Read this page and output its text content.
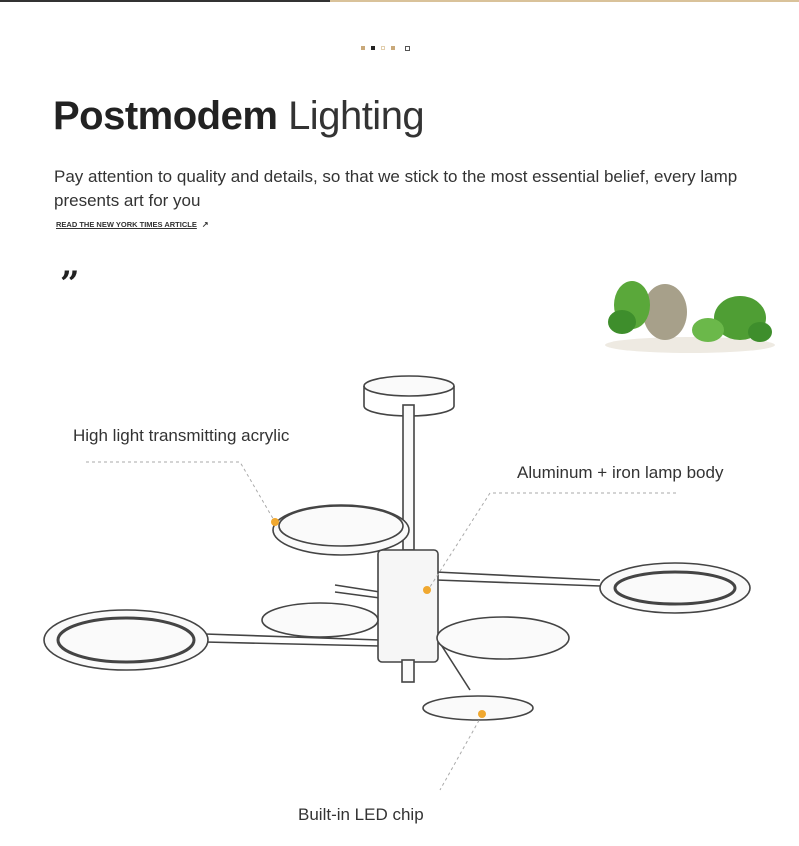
Postmodem Lighting
Pay attention to quality and details, so that we stick to the most essential belief, every lamp presents art for you
READ THE NEW YORK TIMES ARTICLE ↗
”
High light transmitting acrylic
Aluminum + iron lamp body
Built-in LED chip
